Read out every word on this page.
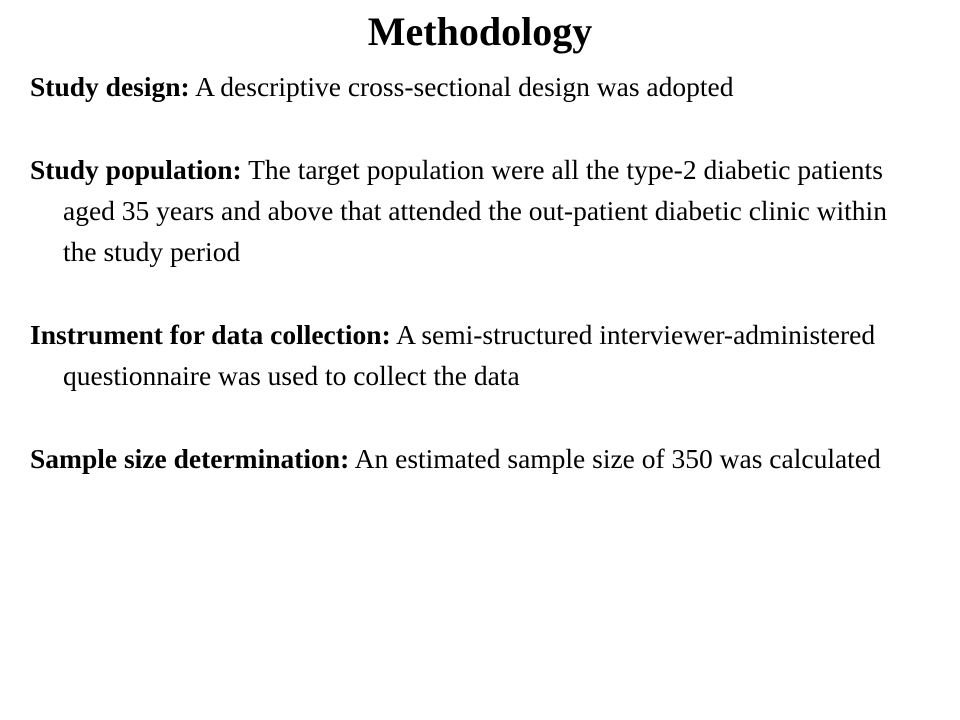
Methodology

Study design: A descriptive cross-sectional design was adopted

Study population: The target population were all the type-2 diabetic patients aged 35 years and above that attended the out-patient diabetic clinic within the study period

Instrument for data collection: A semi-structured interviewer-administered questionnaire was used to collect the data

Sample size determination: An estimated sample size of 350 was calculated
